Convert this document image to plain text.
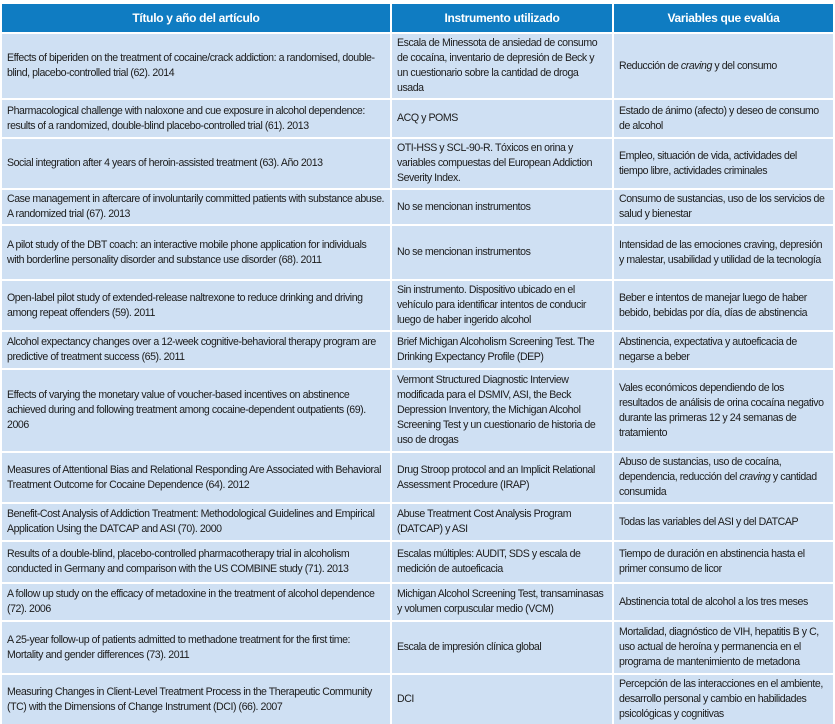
Título y año del artículo	Instrumento utilizado	Variables que evalúa
Effects of biperiden on the treatment of cocaine/crack addiction: a randomised, double-blind, placebo-controlled trial (62). 2014
Escala de Minessota de ansiedad de consumo de cocaína, inventario de depresión de Beck y un cuestionario sobre la cantidad de droga usada
Reducción de craving y del consumo
Pharmacological challenge with naloxone and cue exposure in alcohol dependence: results of a randomized, double-blind placebo-controlled trial (61). 2013
ACQ y POMS
Estado de ánimo (afecto) y deseo de consumo de alcohol
Social integration after 4 years of heroin-assisted treatment (63). Año 2013
OTI-HSS y SCL-90-R. Tóxicos en orina y variables compuestas del European Addiction Severity Index.
Empleo, situación de vida, actividades del tiempo libre, actividades criminales
Case management in aftercare of involuntarily committed patients with substance abuse. A randomized trial (67). 2013
No se mencionan instrumentos
Consumo de sustancias, uso de los servicios de salud y bienestar
A pilot study of the DBT coach: an interactive mobile phone application for individuals with borderline personality disorder and substance use disorder (68). 2011
No se mencionan instrumentos
Intensidad de las emociones craving, depresión y malestar, usabilidad y utilidad de la tecnología
Open-label pilot study of extended-release naltrexone to reduce drinking and driving among repeat offenders (59). 2011
Sin instrumento. Dispositivo ubicado en el vehículo para identificar intentos de conducir luego de haber ingerido alcohol
Beber e intentos de manejar luego de haber bebido, bebidas por día, días de abstinencia
Alcohol expectancy changes over a 12-week cognitive-behavioral therapy program are predictive of treatment success (65). 2011
Brief Michigan Alcoholism Screening Test. The Drinking Expectancy Profile (DEP)
Abstinencia, expectativa y autoeficacia de negarse a beber
Effects of varying the monetary value of voucher-based incentives on abstinence achieved during and following treatment among cocaine-dependent outpatients (69). 2006
Vermont Structured Diagnostic Interview modificada para el DSMIV, ASI, the Beck Depression Inventory, the Michigan Alcohol Screening Test y un cuestionario de historia de uso de drogas
Vales económicos dependiendo de los resultados de análisis de orina cocaína negativo durante las primeras 12 y 24 semanas de tratamiento
Measures of Attentional Bias and Relational Responding Are Associated with Behavioral Treatment Outcome for Cocaine Dependence (64). 2012
Drug Stroop protocol and an Implicit Relational Assessment Procedure (IRAP)
Abuso de sustancias, uso de cocaína, dependencia, reducción del craving y cantidad consumida
Benefit-Cost Analysis of Addiction Treatment: Methodological Guidelines and Empirical Application Using the DATCAP and ASI (70). 2000
Abuse Treatment Cost Analysis Program (DATCAP) y ASI
Todas las variables del ASI y del DATCAP
Results of a double-blind, placebo-controlled pharmacotherapy trial in alcoholism conducted in Germany and comparison with the US COMBINE study (71). 2013
Escalas múltiples: AUDIT, SDS y escala de medición de autoeficacia
Tiempo de duración en abstinencia hasta el primer consumo de licor
A follow up study on the efficacy of metadoxine in the treatment of alcohol dependence (72). 2006
Michigan Alcohol Screening Test, transaminasas y volumen corpuscular medio (VCM)
Abstinencia total de alcohol a los tres meses
A 25-year follow-up of patients admitted to methadone treatment for the first time: Mortality and gender differences (73). 2011
Escala de impresión clínica global
Mortalidad, diagnóstico de VIH, hepatitis B y C, uso actual de heroína y permanencia en el programa de mantenimiento de metadona
Measuring Changes in Client-Level Treatment Process in the Therapeutic Community (TC) with the Dimensions of Change Instrument (DCI) (66). 2007
DCI
Percepción de las interacciones en el ambiente, desarrollo personal y cambio en habilidades psicológicas y cognitivas
